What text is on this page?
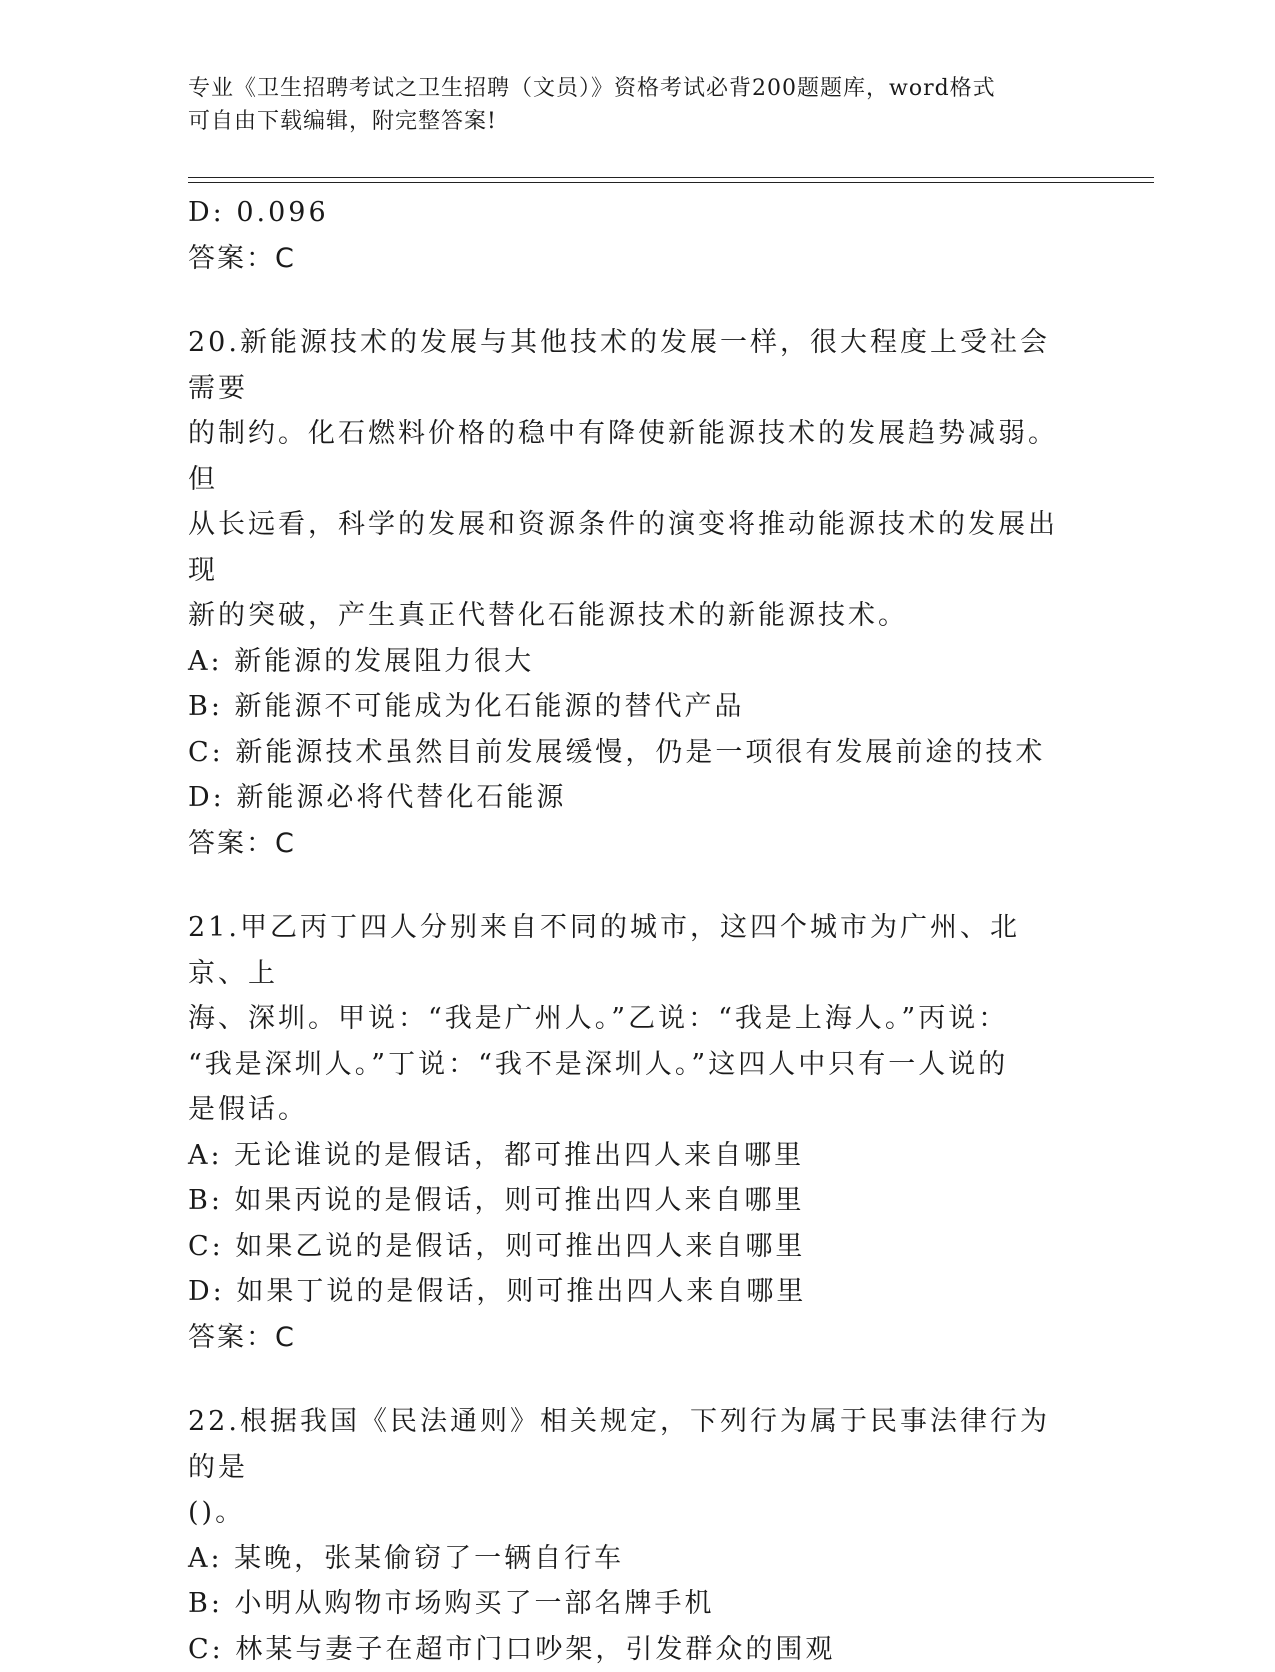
专业《卫生招聘考试之卫生招聘（文员）》资格考试必背200题题库，word格式
可自由下载编辑，附完整答案!
D: 0.096
答案：C
20.新能源技术的发展与其他技术的发展一样，很大程度上受社会需要
的制约。化石燃料价格的稳中有降使新能源技术的发展趋势减弱。但
从长远看，科学的发展和资源条件的演变将推动能源技术的发展出现
新的突破，产生真正代替化石能源技术的新能源技术。
A: 新能源的发展阻力很大
B: 新能源不可能成为化石能源的替代产品
C: 新能源技术虽然目前发展缓慢，仍是一项很有发展前途的技术
D: 新能源必将代替化石能源
答案：C
21.甲乙丙丁四人分别来自不同的城市，这四个城市为广州、北京、上
海、深圳。甲说：“我是广州人。”乙说：“我是上海人。”丙说：
“我是深圳人。”丁说：“我不是深圳人。”这四人中只有一人说的
是假话。
A: 无论谁说的是假话，都可推出四人来自哪里
B: 如果丙说的是假话，则可推出四人来自哪里
C: 如果乙说的是假话，则可推出四人来自哪里
D: 如果丁说的是假话，则可推出四人来自哪里
答案：C
22.根据我国《民法通则》相关规定，下列行为属于民事法律行为的是
()。
A: 某晚，张某偷窃了一辆自行车
B: 小明从购物市场购买了一部名牌手机
C: 林某与妻子在超市门口吵架，引发群众的围观
